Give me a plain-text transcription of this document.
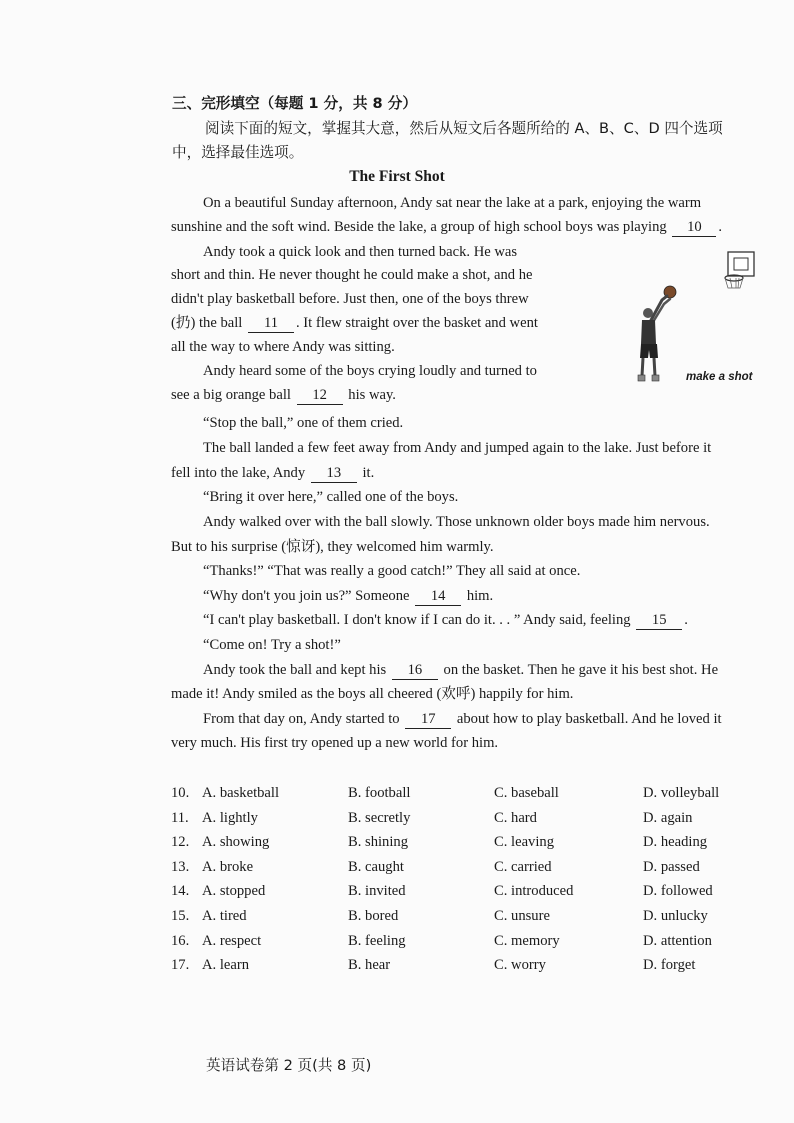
三、完形填空（每题 1 分，共 8 分）
阅读下面的短文，掌握其大意，然后从短文后各题所给的 A、B、C、D 四个选项
中，选择最佳选项。
The First Shot
On a beautiful Sunday afternoon, Andy sat near the lake at a park, enjoying the warm
sunshine and the soft wind. Beside the lake, a group of high school boys was playing 10 .
Andy took a quick look and then turned back. He was
short and thin. He never thought he could make a shot, and he
didn't play basketball before. Just then, one of the boys threw
(扔) the ball 11 . It flew straight over the basket and went
all the way to where Andy was sitting.
Andy heard some of the boys crying loudly and turned to
see a big orange ball 12 his way.
“Stop the ball,” one of them cried.
The ball landed a few feet away from Andy and jumped again to the lake. Just before it
fell into the lake, Andy 13 it.
“Bring it over here,” called one of the boys.
Andy walked over with the ball slowly. Those unknown older boys made him nervous.
But to his surprise (惊讶), they welcomed him warmly.
“Thanks!” “That was really a good catch!” They all said at once.
“Why don't you join us?” Someone 14 him.
“I can't play basketball. I don't know if I can do it. . . ” Andy said, feeling 15 .
“Come on! Try a shot!”
Andy took the ball and kept his 16 on the basket. Then he gave it his best shot. He
made it! Andy smiled as the boys all cheered (欢呼) happily for him.
From that day on, Andy started to 17 about how to play basketball. And he loved it
very much. His first try opened up a new world for him.
make a shot
10. A. basketball	B. football	C. baseball	D. volleyball
11. A. lightly	B. secretly	C. hard	D. again
12. A. showing	B. shining	C. leaving	D. heading
13. A. broke	B. caught	C. carried	D. passed
14. A. stopped	B. invited	C. introduced	D. followed
15. A. tired	B. bored	C. unsure	D. unlucky
16. A. respect	B. feeling	C. memory	D. attention
17. A. learn	B. hear	C. worry	D. forget
英语试卷第 2 页(共 8 页)
